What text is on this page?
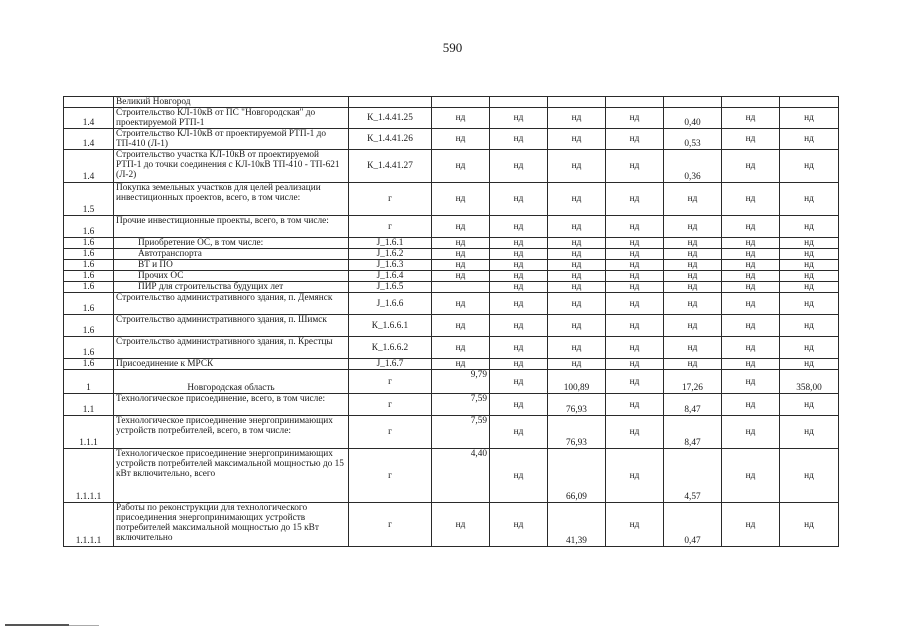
590
	Великий Новгород								
1.4	Строительство КЛ-10кВ от ПС "Новгородская" до проектируемой РТП-1	К_1.4.41.25	нд	нд	нд	нд	0,40	нд	нд
1.4	Строительство КЛ-10кВ от проектируемой РТП-1 до ТП-410 (Л-1)	К_1.4.41.26	нд	нд	нд	нд	0,53	нд	нд
1.4	Строительство участка КЛ-10кВ от проектируемой РТП-1 до точки соединения с КЛ-10кВ ТП-410 - ТП-621 (Л-2)	К_1.4.41.27	нд	нд	нд	нд	0,36	нд	нд
1.5	Покупка земельных участков для целей реализации инвестиционных проектов, всего, в том числе:	г	нд	нд	нд	нд	нд	нд	нд
1.6	Прочие инвестиционные проекты, всего, в том числе:	г	нд	нд	нд	нд	нд	нд	нд
1.6	Приобретение ОС, в том числе:	J_1.6.1	нд	нд	нд	нд	нд	нд	нд
1.6	Автотранспорта	J_1.6.2	нд	нд	нд	нд	нд	нд	нд
1.6	ВТ и ПО	J_1.6.3	нд	нд	нд	нд	нд	нд	нд
1.6	Прочих ОС	J_1.6.4	нд	нд	нд	нд	нд	нд	нд
1.6	ПИР для строительства будущих лет	J_1.6.5		нд	нд	нд	нд	нд	нд
1.6	Строительство административного здания, п. Демянск	J_1.6.6	нд	нд	нд	нд	нд	нд	нд
1.6	Строительство административного здания, п. Шимск	К_1.6.6.1	нд	нд	нд	нд	нд	нд	нд
1.6	Строительство административного здания, п. Крестцы	К_1.6.6.2	нд	нд	нд	нд	нд	нд	нд
1.6	Присоединение к МРСК	J_1.6.7	нд	нд	нд	нд	нд	нд	нд
1	Новгородская область	г	9,79	нд	100,89	нд	17,26	нд	358,00
1.1	Технологическое присоединение, всего, в том числе:	г	7,59	нд	76,93	нд	8,47	нд	нд
1.1.1	Технологическое присоединение энергопринимающих устройств потребителей, всего, в том числе:	г	7,59	нд	76,93	нд	8,47	нд	нд
1.1.1.1	Технологическое присоединение энергопринимающих устройств потребителей максимальной мощностью до 15 кВт включительно, всего	г	4,40	нд	66,09	нд	4,57	нд	нд
1.1.1.1	Работы по реконструкции для технологического присоединения энергопринимающих устройств потребителей максимальной мощностью до 15 кВт включительно	г	нд	нд	41,39	нд	0,47	нд	нд
